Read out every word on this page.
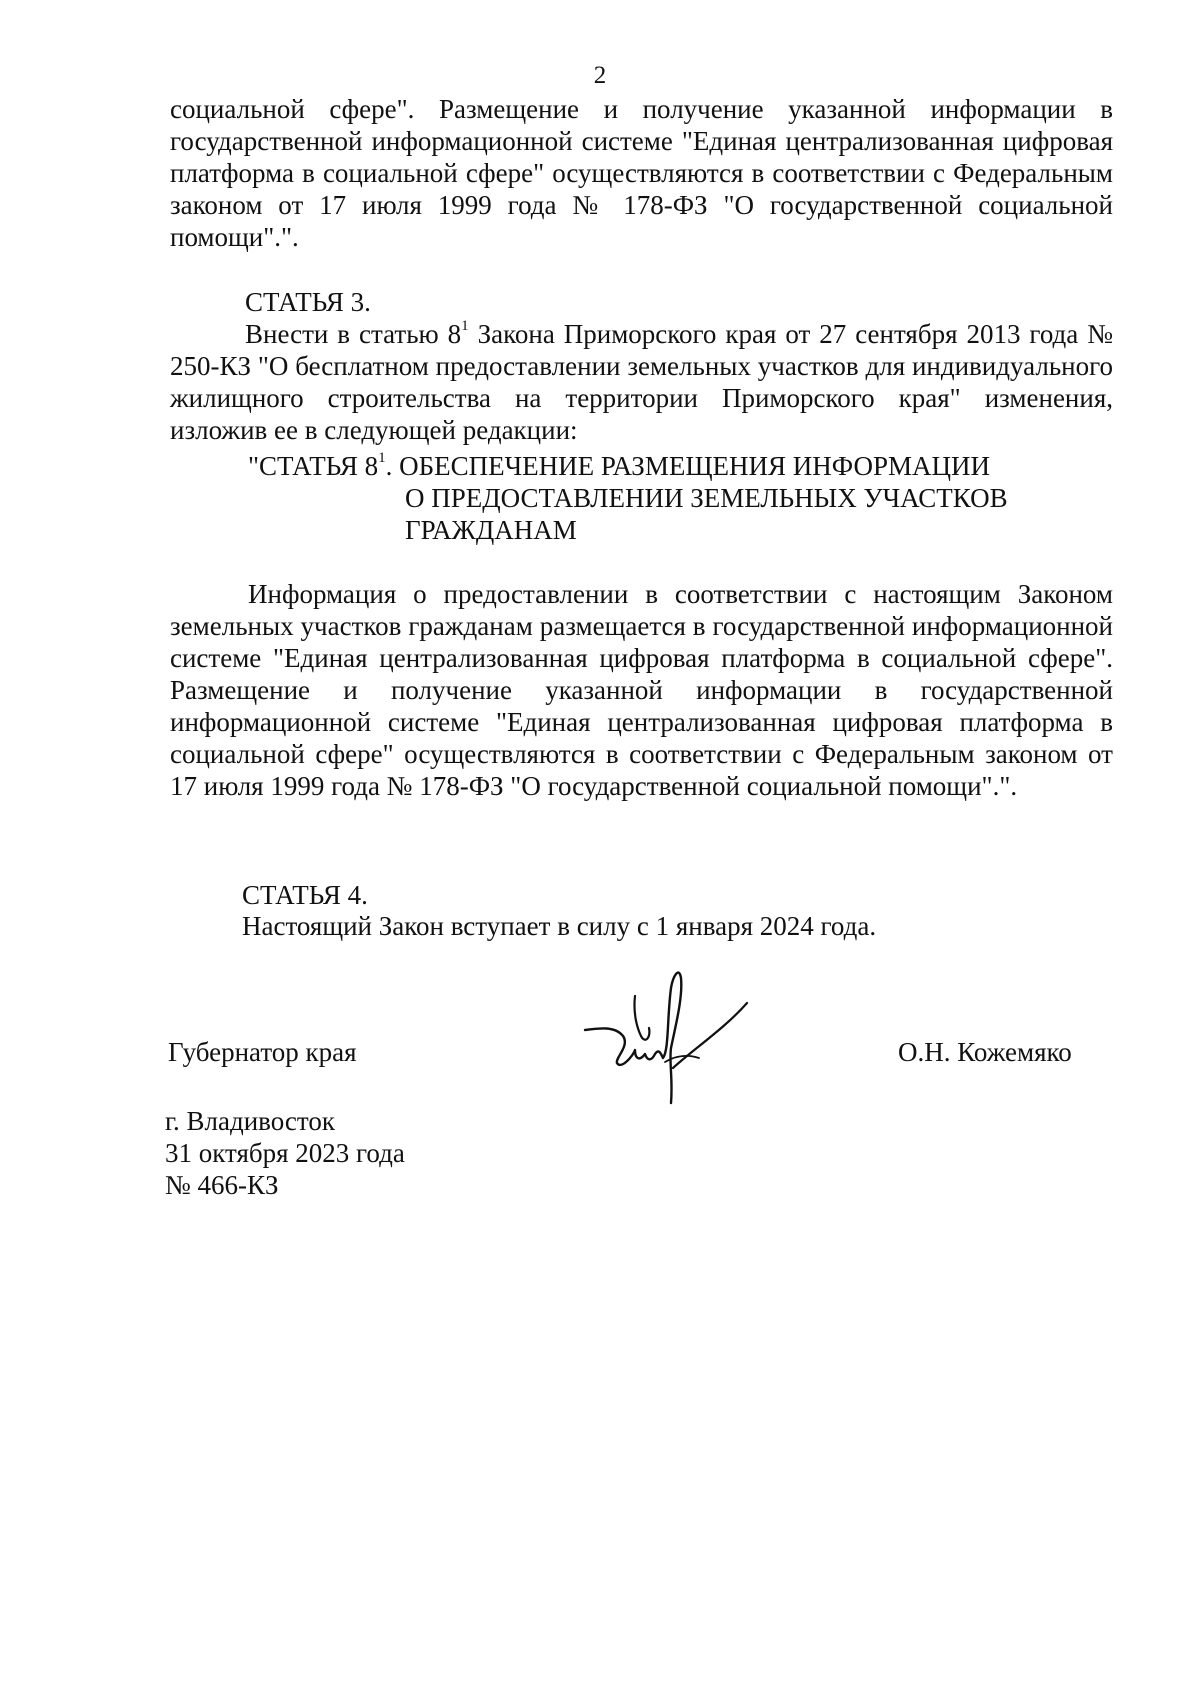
2
социальной сфере". Размещение и получение указанной информации в государственной информационной системе "Единая централизованная цифровая платформа в социальной сфере" осуществляются в соответствии с Федеральным законом от 17 июля 1999 года № 178-ФЗ "О государственной социальной помощи".".
СТАТЬЯ 3.
Внести в статью $8^1$ Закона Приморского края от 27 сентября 2013 года № 250-КЗ "О бесплатном предоставлении земельных участков для индивидуального жилищного строительства на территории Приморского края" изменения, изложив ее в следующей редакции:
"СТАТЬЯ $8^1$. ОБЕСПЕЧЕНИЕ РАЗМЕЩЕНИЯ ИНФОРМАЦИИ
О ПРЕДОСТАВЛЕНИИ ЗЕМЕЛЬНЫХ УЧАСТКОВ
ГРАЖДАНАМ
Информация о предоставлении в соответствии с настоящим Законом земельных участков гражданам размещается в государственной информационной системе "Единая централизованная цифровая платформа в социальной сфере". Размещение и получение указанной информации в государственной информационной системе "Единая централизованная цифровая платформа в социальной сфере" осуществляются в соответствии с Федеральным законом от 17 июля 1999 года № 178-ФЗ "О государственной социальной помощи".".
СТАТЬЯ 4.
Настоящий Закон вступает в силу с 1 января 2024 года.
Губернатор края	О.Н. Кожемяко
г. Владивосток
31 октября 2023 года
№ 466-КЗ
